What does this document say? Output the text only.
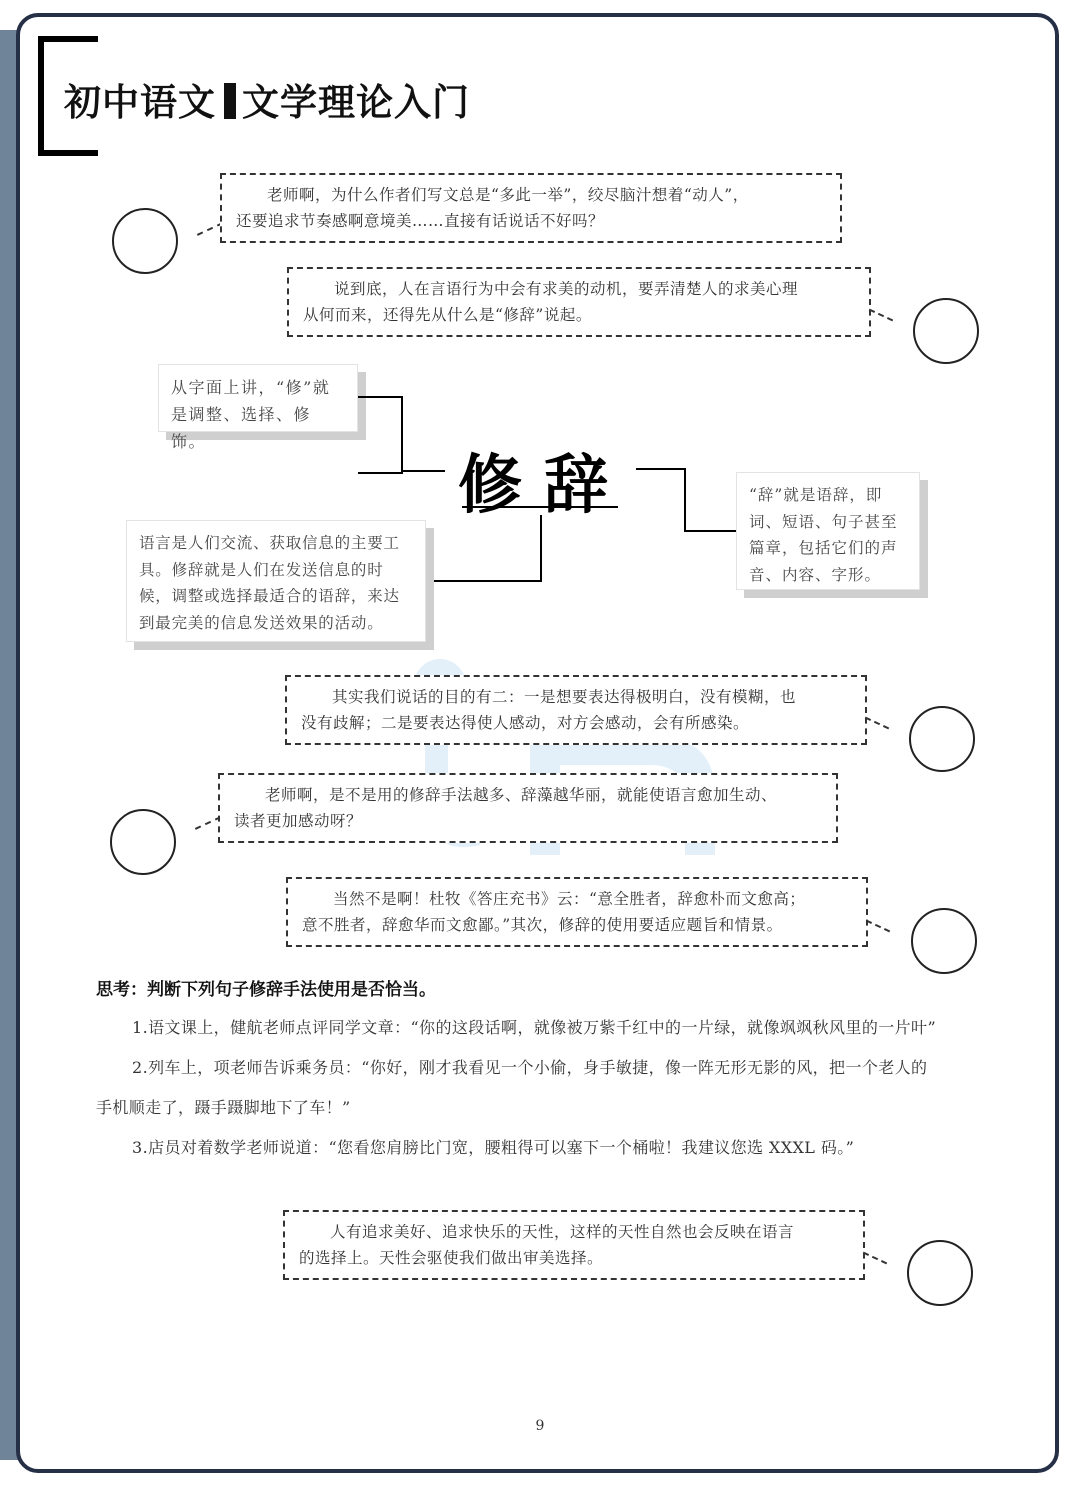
初中语文 文学理论入门
老师啊，为什么作者们写文总是“多此一举”，绞尽脑汁想着“动人”，
还要追求节奏感啊意境美……直接有话说话不好吗？
说到底，人在言语行为中会有求美的动机，要弄清楚人的求美心理
从何而来，还得先从什么是“修辞”说起。
从字面上讲，“修”就
是调整、选择、修饰。
修辞	“辞”就是语辞，即
词、短语、句子甚至
篇章，包括它们的声
音、内容、字形。
语言是人们交流、获取信息的主要工
具。修辞就是人们在发送信息的时
候，调整或选择最适合的语辞，来达
到最完美的信息发送效果的活动。
其实我们说话的目的有二：一是想要表达得极明白，没有模糊，也
没有歧解；二是要表达得使人感动，对方会感动，会有所感染。
老师啊，是不是用的修辞手法越多、辞藻越华丽，就能使语言愈加生动、
读者更加感动呀？
当然不是啊！杜牧《答庄充书》云：“意全胜者，辞愈朴而文愈高；
意不胜者，辞愈华而文愈鄙。”其次，修辞的使用要适应题旨和情景。
思考：判断下列句子修辞手法使用是否恰当。
1.语文课上，健航老师点评同学文章：“你的这段话啊，就像被万紫千红中的一片绿，就像飒飒秋风里的一片叶”
2.列车上，项老师告诉乘务员：“你好，刚才我看见一个小偷，身手敏捷，像一阵无形无影的风，把一个老人的
手机顺走了，蹑手蹑脚地下了车！”
3.店员对着数学老师说道：“您看您肩膀比门宽，腰粗得可以塞下一个桶啦！我建议您选 XXXL 码。”
人有追求美好、追求快乐的天性，这样的天性自然也会反映在语言
的选择上。天性会驱使我们做出审美选择。
9
